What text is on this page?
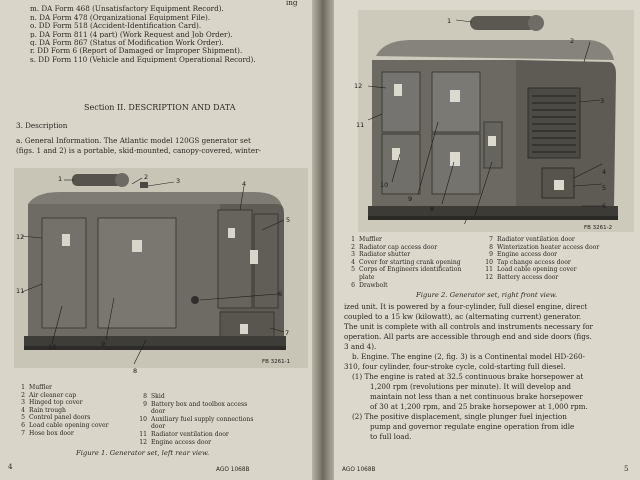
m. DA Form 468 (Unsatisfactory Equipment Record).
n. DA Form 478 (Organizational Equipment File).
o. DD Form 518 (Accident-Identification Card).
p. DA Form 811 (4 part) (Work Request and Job Order).
q. DA Form 867 (Status of Modification Work Order).
r. DD Form 6 (Report of Damaged or Improper Shipment).
s. DD Form 110 (Vehicle and Equipment Operational Record).
ing
Section II. DESCRIPTION AND DATA
3. Description
a. General Information. The Atlantic model 120GS generator set
(figs. 1 and 2) is a portable, skid-mounted, canopy-covered, winter-
1	2	3	4
5
12
11
10	9
8
7
6
FB 3261-1
1 Muffler
2 Air cleaner cap
3 Hinged top cover
4 Rain trough
5 Control panel doors
6 Load cable opening cover
7 Hose box door
8 Skid
9 Battery box and toolbox access
door
10 Auxiliary fuel supply connections
door
11 Radiator ventilation door
12 Engine access door
Figure 1. Generator set, left rear view.
4	AGO 1068B
1
2
3
4
5
6
7
8
9
10
11
12
FB 3261-2
1 Muffler
2 Radiator cap access door
3 Radiator shutter
4 Cover for starting crank opening
5 Corps of Engineers identification
plate
6 Drawbolt
7 Radiator ventilation door
8 Winterization heater access door
9 Engine access door
10 Tap change access door
11 Load cable opening cover
12 Battery access door
Figure 2. Generator set, right front view.
ized unit. It is powered by a four-cylinder, full diesel engine, direct
coupled to a 15 kw (kilowatt), ac (alternating current) generator.
The unit is complete with all controls and instruments necessary for
operation. All parts are accessible through end and side doors (figs.
3 and 4).
b. Engine. The engine (2, fig. 3) is a Continental model HD-260-
310, four cylinder, four-stroke cycle, cold-starting full diesel.
(1) The engine is rated at 32.5 continuous brake horsepower at
1,200 rpm (revolutions per minute). It will develop and
maintain not less than a net continuous brake horsepower
of 30 at 1,200 rpm, and 25 brake horsepower at 1,000 rpm.
(2) The positive displacement, single plunger fuel injection
pump and governor regulate engine operation from idle
to full load.
AGO 1068B	5
